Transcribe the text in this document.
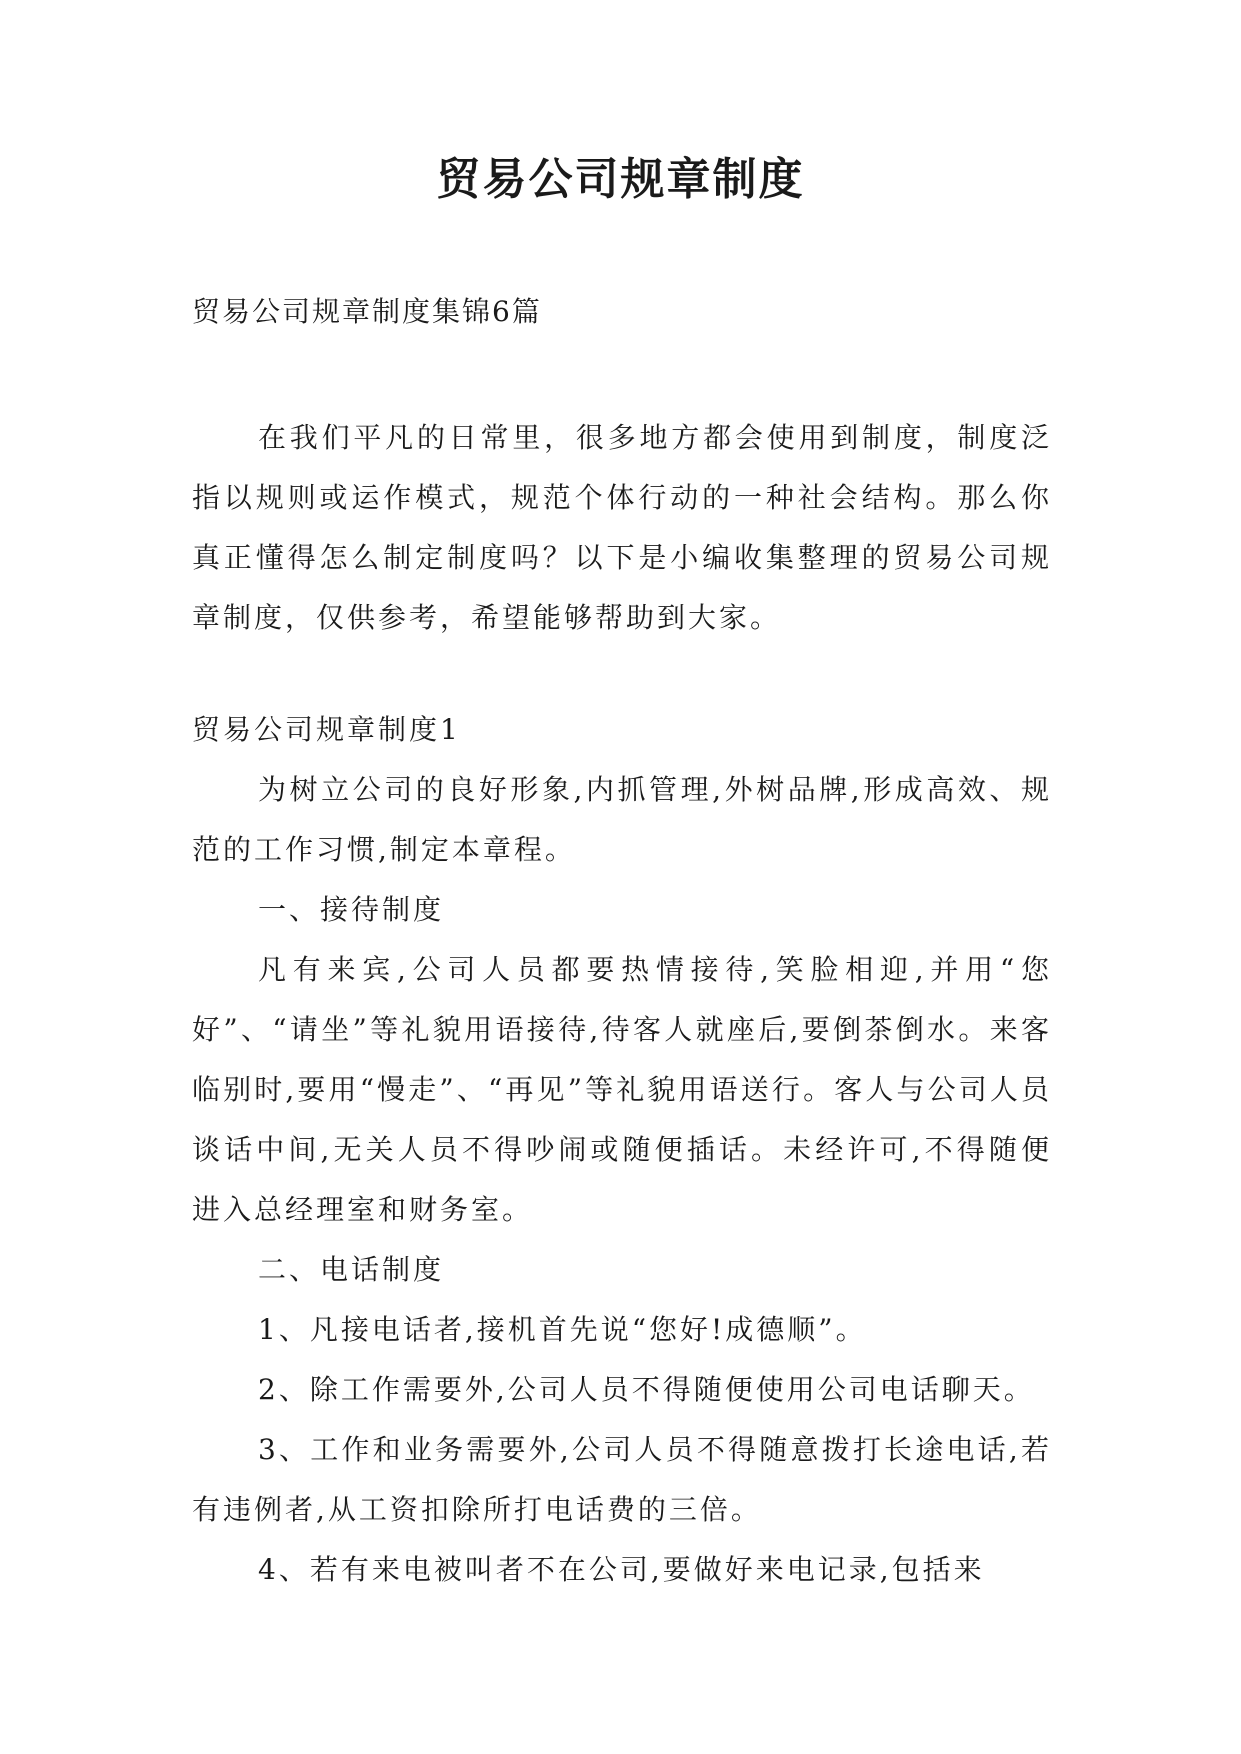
贸易公司规章制度
贸易公司规章制度集锦6篇
在我们平凡的日常里，很多地方都会使用到制度，制度泛指以规则或运作模式，规范个体行动的一种社会结构。那么你真正懂得怎么制定制度吗？以下是小编收集整理的贸易公司规章制度，仅供参考，希望能够帮助到大家。

贸易公司规章制度1

为树立公司的良好形象,内抓管理,外树品牌,形成高效、规范的工作习惯,制定本章程。

一、接待制度

凡有来宾,公司人员都要热情接待,笑脸相迎,并用“您好”、“请坐”等礼貌用语接待,待客人就座后,要倒茶倒水。来客临别时,要用“慢走”、“再见”等礼貌用语送行。客人与公司人员谈话中间,无关人员不得吵闹或随便插话。未经许可,不得随便进入总经理室和财务室。

二、电话制度

1、凡接电话者,接机首先说“您好!成德顺”。

2、除工作需要外,公司人员不得随便使用公司电话聊天。

3、工作和业务需要外,公司人员不得随意拨打长途电话,若有违例者,从工资扣除所打电话费的三倍。

4、若有来电被叫者不在公司,要做好来电记录,包括来
